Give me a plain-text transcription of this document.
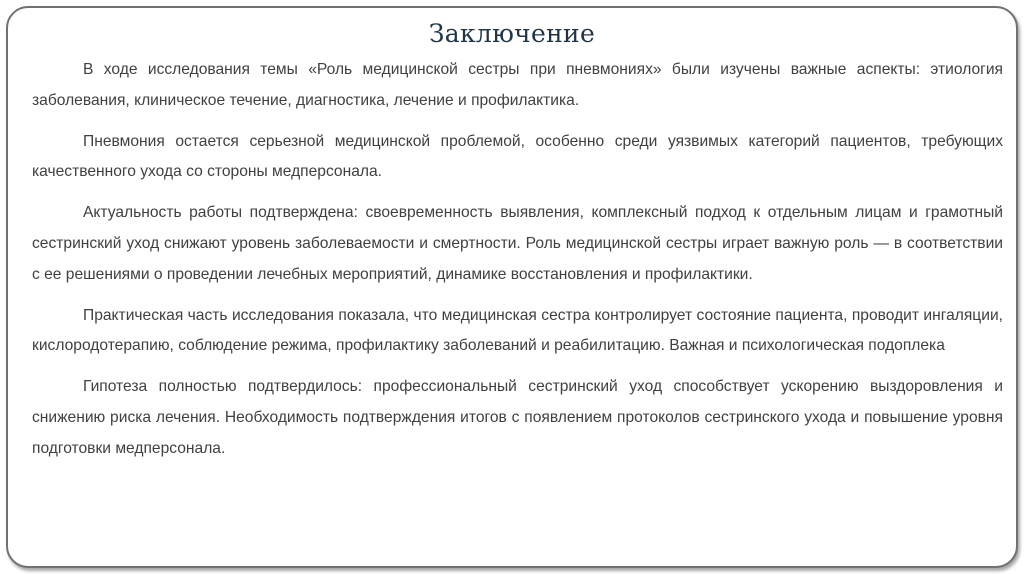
Заключение

В ходе исследования темы «Роль медицинской сестры при пневмониях» были изучены важные аспекты: этиология заболевания, клиническое течение, диагностика, лечение и профилактика.

Пневмония остается серьезной медицинской проблемой, особенно среди уязвимых категорий пациентов, требующих качественного ухода со стороны медперсонала.

Актуальность работы подтверждена: своевременность выявления, комплексный подход к отдельным лицам и грамотный сестринский уход снижают уровень заболеваемости и смертности. Роль медицинской сестры играет важную роль — в соответствии с ее решениями о проведении лечебных мероприятий, динамике восстановления и профилактики.

Практическая часть исследования показала, что медицинская сестра контролирует состояние пациента, проводит ингаляции, кислородотерапию, соблюдение режима, профилактику заболеваний и реабилитацию. Важная и психологическая подоплека

Гипотеза полностью подтвердилось: профессиональный сестринский уход способствует ускорению выздоровления и снижению риска лечения. Необходимость подтверждения итогов с появлением протоколов сестринского ухода и повышение уровня подготовки медперсонала.
